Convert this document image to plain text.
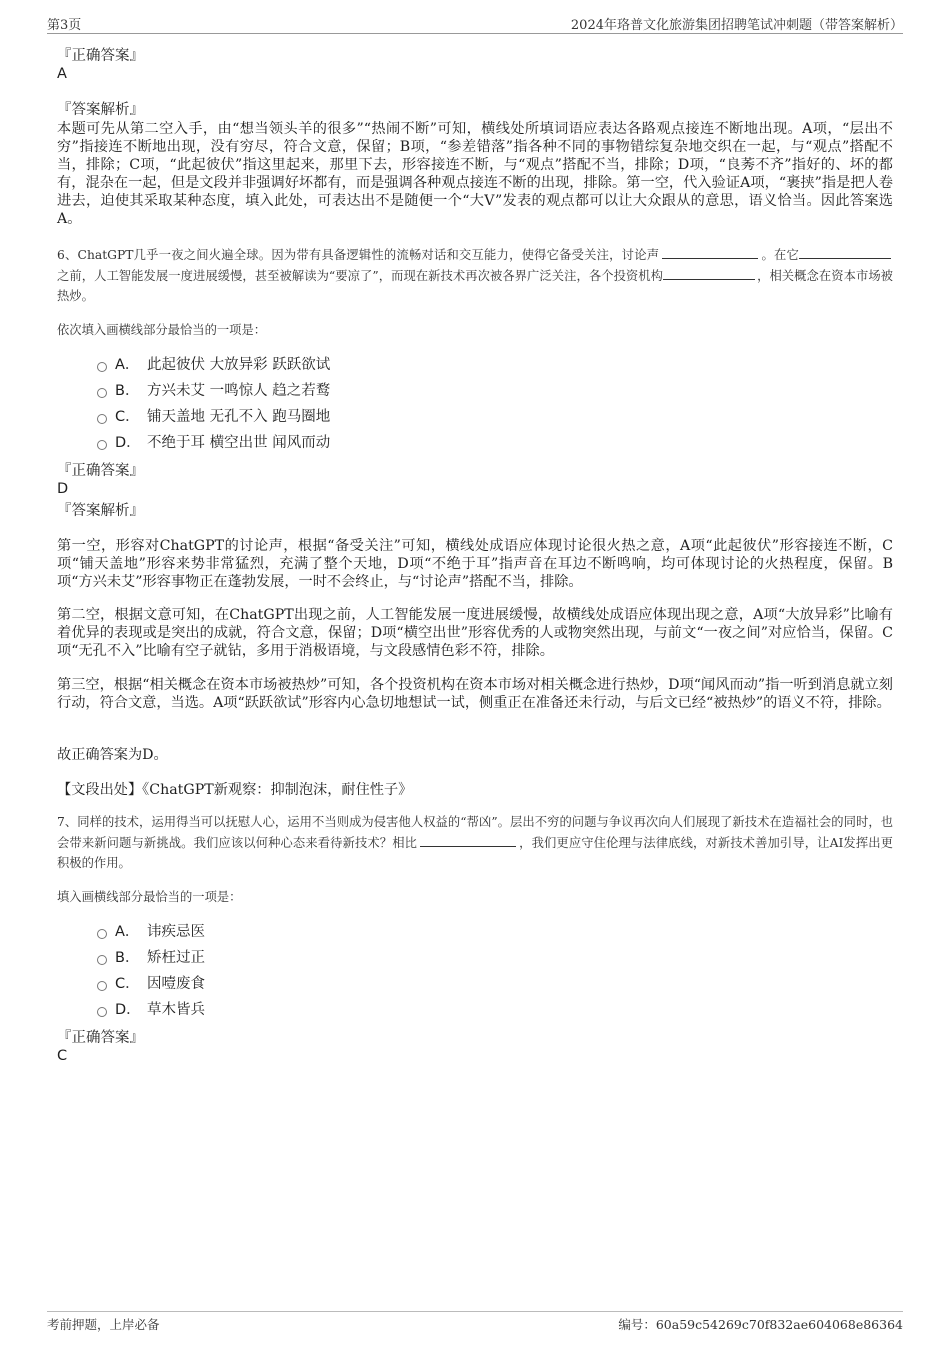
第3页	2024年珞普文化旅游集团招聘笔试冲刺题（带答案解析）
『正确答案』
A
『答案解析』
本题可先从第二空入手，由“想当领头羊的很多”“热闹不断”可知，横线处所填词语应表达各路观点接连不断地出现。A项，“层出不穷”指接连不断地出现，没有穷尽，符合文意，保留；B项，“参差错落”指各种不同的事物错综复杂地交织在一起，与“观点”搭配不当，排除；C项，“此起彼伏”指这里起来，那里下去，形容接连不断，与“观点”搭配不当，排除；D项，“良莠不齐”指好的、坏的都有，混杂在一起，但是文段并非强调好坏都有，而是强调各种观点接连不断的出现，排除。第一空，代入验证A项，“裹挟”指是把人卷进去，迫使其采取某种态度，填入此处，可表达出不是随便一个“大V”发表的观点都可以让大众跟从的意思，语义恰当。因此答案选A。
6、ChatGPT几乎一夜之间火遍全球。因为带有具备逻辑性的流畅对话和交互能力，使得它备受关注，讨论声	。在它之前，人工智能发展一度进展缓慢，甚至被解读为“要凉了”，而现在新技术再次被各界广泛关注，各个投资机构	，相关概念在资本市场被热炒。
依次填入画横线部分最恰当的一项是：
A． 此起彼伏 大放异彩 跃跃欲试
B． 方兴未艾 一鸣惊人 趋之若鹜
C． 铺天盖地 无孔不入 跑马圈地
D． 不绝于耳 横空出世 闻风而动
『正确答案』
D
『答案解析』
第一空，形容对ChatGPT的讨论声，根据“备受关注”可知，横线处成语应体现讨论很火热之意，A项“此起彼伏”形容接连不断，C项“铺天盖地”形容来势非常猛烈，充满了整个天地，D项“不绝于耳”指声音在耳边不断鸣响，均可体现讨论的火热程度，保留。B项“方兴未艾”形容事物正在蓬勃发展，一时不会终止，与“讨论声”搭配不当，排除。
第二空，根据文意可知，在ChatGPT出现之前，人工智能发展一度进展缓慢，故横线处成语应体现出现之意，A项“大放异彩”比喻有着优异的表现或是突出的成就，符合文意，保留；D项“横空出世”形容优秀的人或物突然出现，与前文“一夜之间”对应恰当，保留。C项“无孔不入”比喻有空子就钻，多用于消极语境，与文段感情色彩不符，排除。
第三空，根据“相关概念在资本市场被热炒”可知，各个投资机构在资本市场对相关概念进行热炒，D项“闻风而动”指一听到消息就立刻行动，符合文意，当选。A项“跃跃欲试”形容内心急切地想试一试，侧重正在准备还未行动，与后文已经“被热炒”的语义不符，排除。
故正确答案为D。
【文段出处】《ChatGPT新观察：抑制泡沫，耐住性子》
7、同样的技术，运用得当可以抚慰人心，运用不当则成为侵害他人权益的“帮凶”。层出不穷的问题与争议再次向人们展现了新技术在造福社会的同时，也会带来新问题与新挑战。我们应该以何种心态来看待新技术？相比	，我们更应守住伦理与法律底线，对新技术善加引导，让AI发挥出更积极的作用。
填入画横线部分最恰当的一项是：
A． 讳疾忌医
B． 矫枉过正
C． 因噎废食
D． 草木皆兵
『正确答案』
C
考前押题，上岸必备	编号：60a59c54269c70f832ae604068e86364
